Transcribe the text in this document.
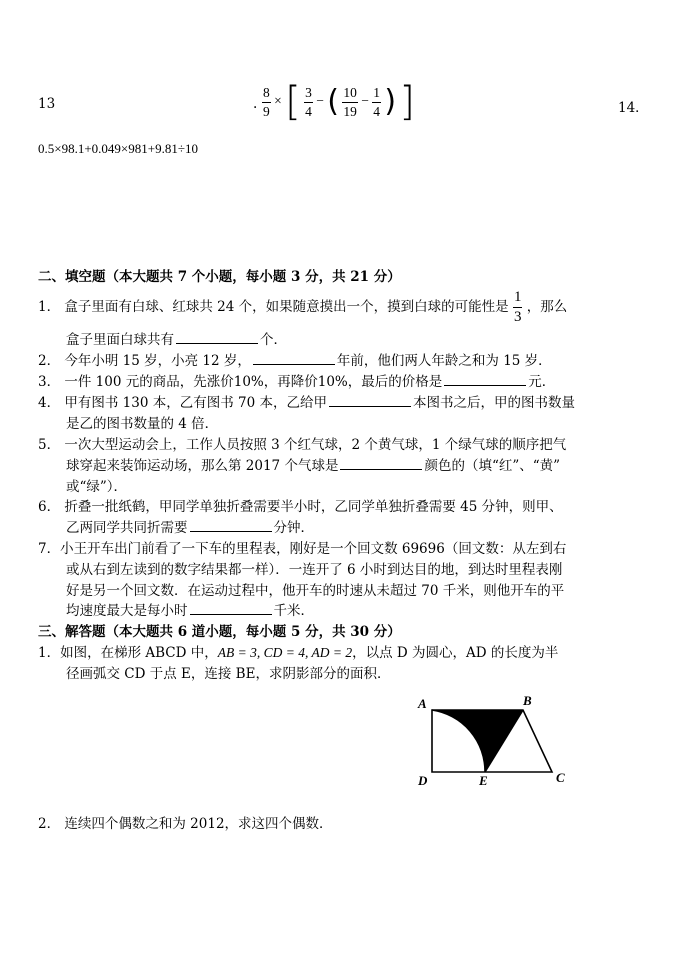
13	. $\frac{8}{9}$ × [ $\frac{3}{4}$ − ( $\frac{10}{19} - \frac{1}{4}$ ) ]	14．
0.5×98.1+0.049×981+9.81÷10
二、填空题（本大题共 7 个小题，每小题 3 分，共 21 分）
1． 盒子里面有白球、红球共 24 个，如果随意摸出一个，摸到白球的可能性是 $\frac{1}{3}$ ，那么
盒子里面白球共有	个．
2． 今年小明 15 岁，小亮 12 岁，	年前，他们两人年龄之和为 15 岁．
3． 一件 100 元的商品，先涨价10%，再降价10%，最后的价格是	元．
4． 甲有图书 130 本，乙有图书 70 本，乙给甲	本图书之后，甲的图书数量
是乙的图书数量的 4 倍．
5． 一次大型运动会上，工作人员按照 3 个红气球，2 个黄气球，1 个绿气球的顺序把气
球穿起来装饰运动场，那么第 2017 个气球是	颜色的（填“红”、“黄”
或“绿”）．
6． 折叠一批纸鹤，甲同学单独折叠需要半小时，乙同学单独折叠需要 45 分钟，则甲、
乙两同学共同折需要	分钟．
7．小王开车出门前看了一下车的里程表，刚好是一个回文数 69696（回文数：从左到右
或从右到左读到的数字结果都一样）．一连开了 6 小时到达目的地，到达时里程表刚
好是另一个回文数．在运动过程中，他开车的时速从未超过 70 千米，则他开车的平
均速度最大是每小时	千米．
三、解答题（本大题共 6 道小题，每小题 5 分，共 30 分）
1．如图，在梯形 ABCD 中，AB = 3, CD = 4, AD = 2，以点 D 为圆心，AD 的长度为半
径画弧交 CD 于点 E，连接 BE，求阴影部分的面积．
A	B
C
D	E
2． 连续四个偶数之和为 2012，求这四个偶数．
